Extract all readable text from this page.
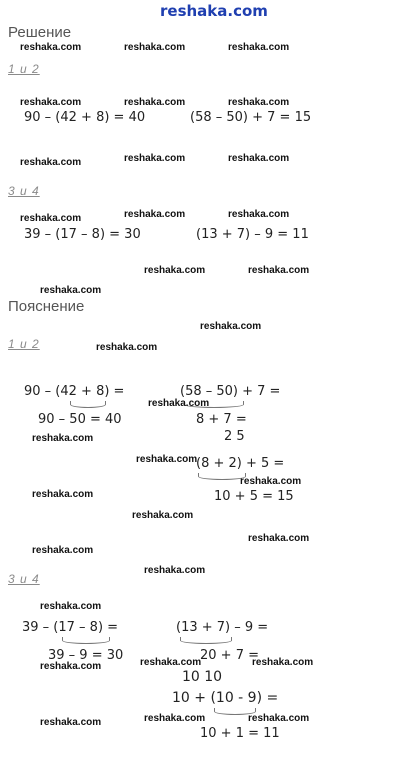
reshaka.com
Решение
reshaka.com	reshaka.com	reshaka.com
1 и 2
reshaka.com	reshaka.com	reshaka.com
90 – (42 + 8) = 40	(58 – 50) + 7 = 15
reshaka.com	reshaka.com	reshaka.com
3 и 4
reshaka.com	reshaka.com	reshaka.com
39 – (17 – 8) = 30	(13 + 7) – 9 = 11
reshaka.com	reshaka.com
reshaka.com
Пояснение
reshaka.com
1 и 2	reshaka.com
90 – (42 + 8) =
90 – 50 = 40
(58 – 50) + 7 =
reshaka.com
8 + 7 =
2 5
reshaka.com
reshaka.com
(8 + 2) + 5 =
reshaka.com
10 + 5 = 15
reshaka.com
reshaka.com
reshaka.com
reshaka.com
reshaka.com
3 и 4
reshaka.com
39 – (17 – 8) =
39 – 9 = 30
(13 + 7) – 9 =
20 + 7 =
10 10
reshaka.com	reshaka.com	reshaka.com
10 + (10 - 9) =
reshaka.com	reshaka.com	reshaka.com
10 + 1 = 11
